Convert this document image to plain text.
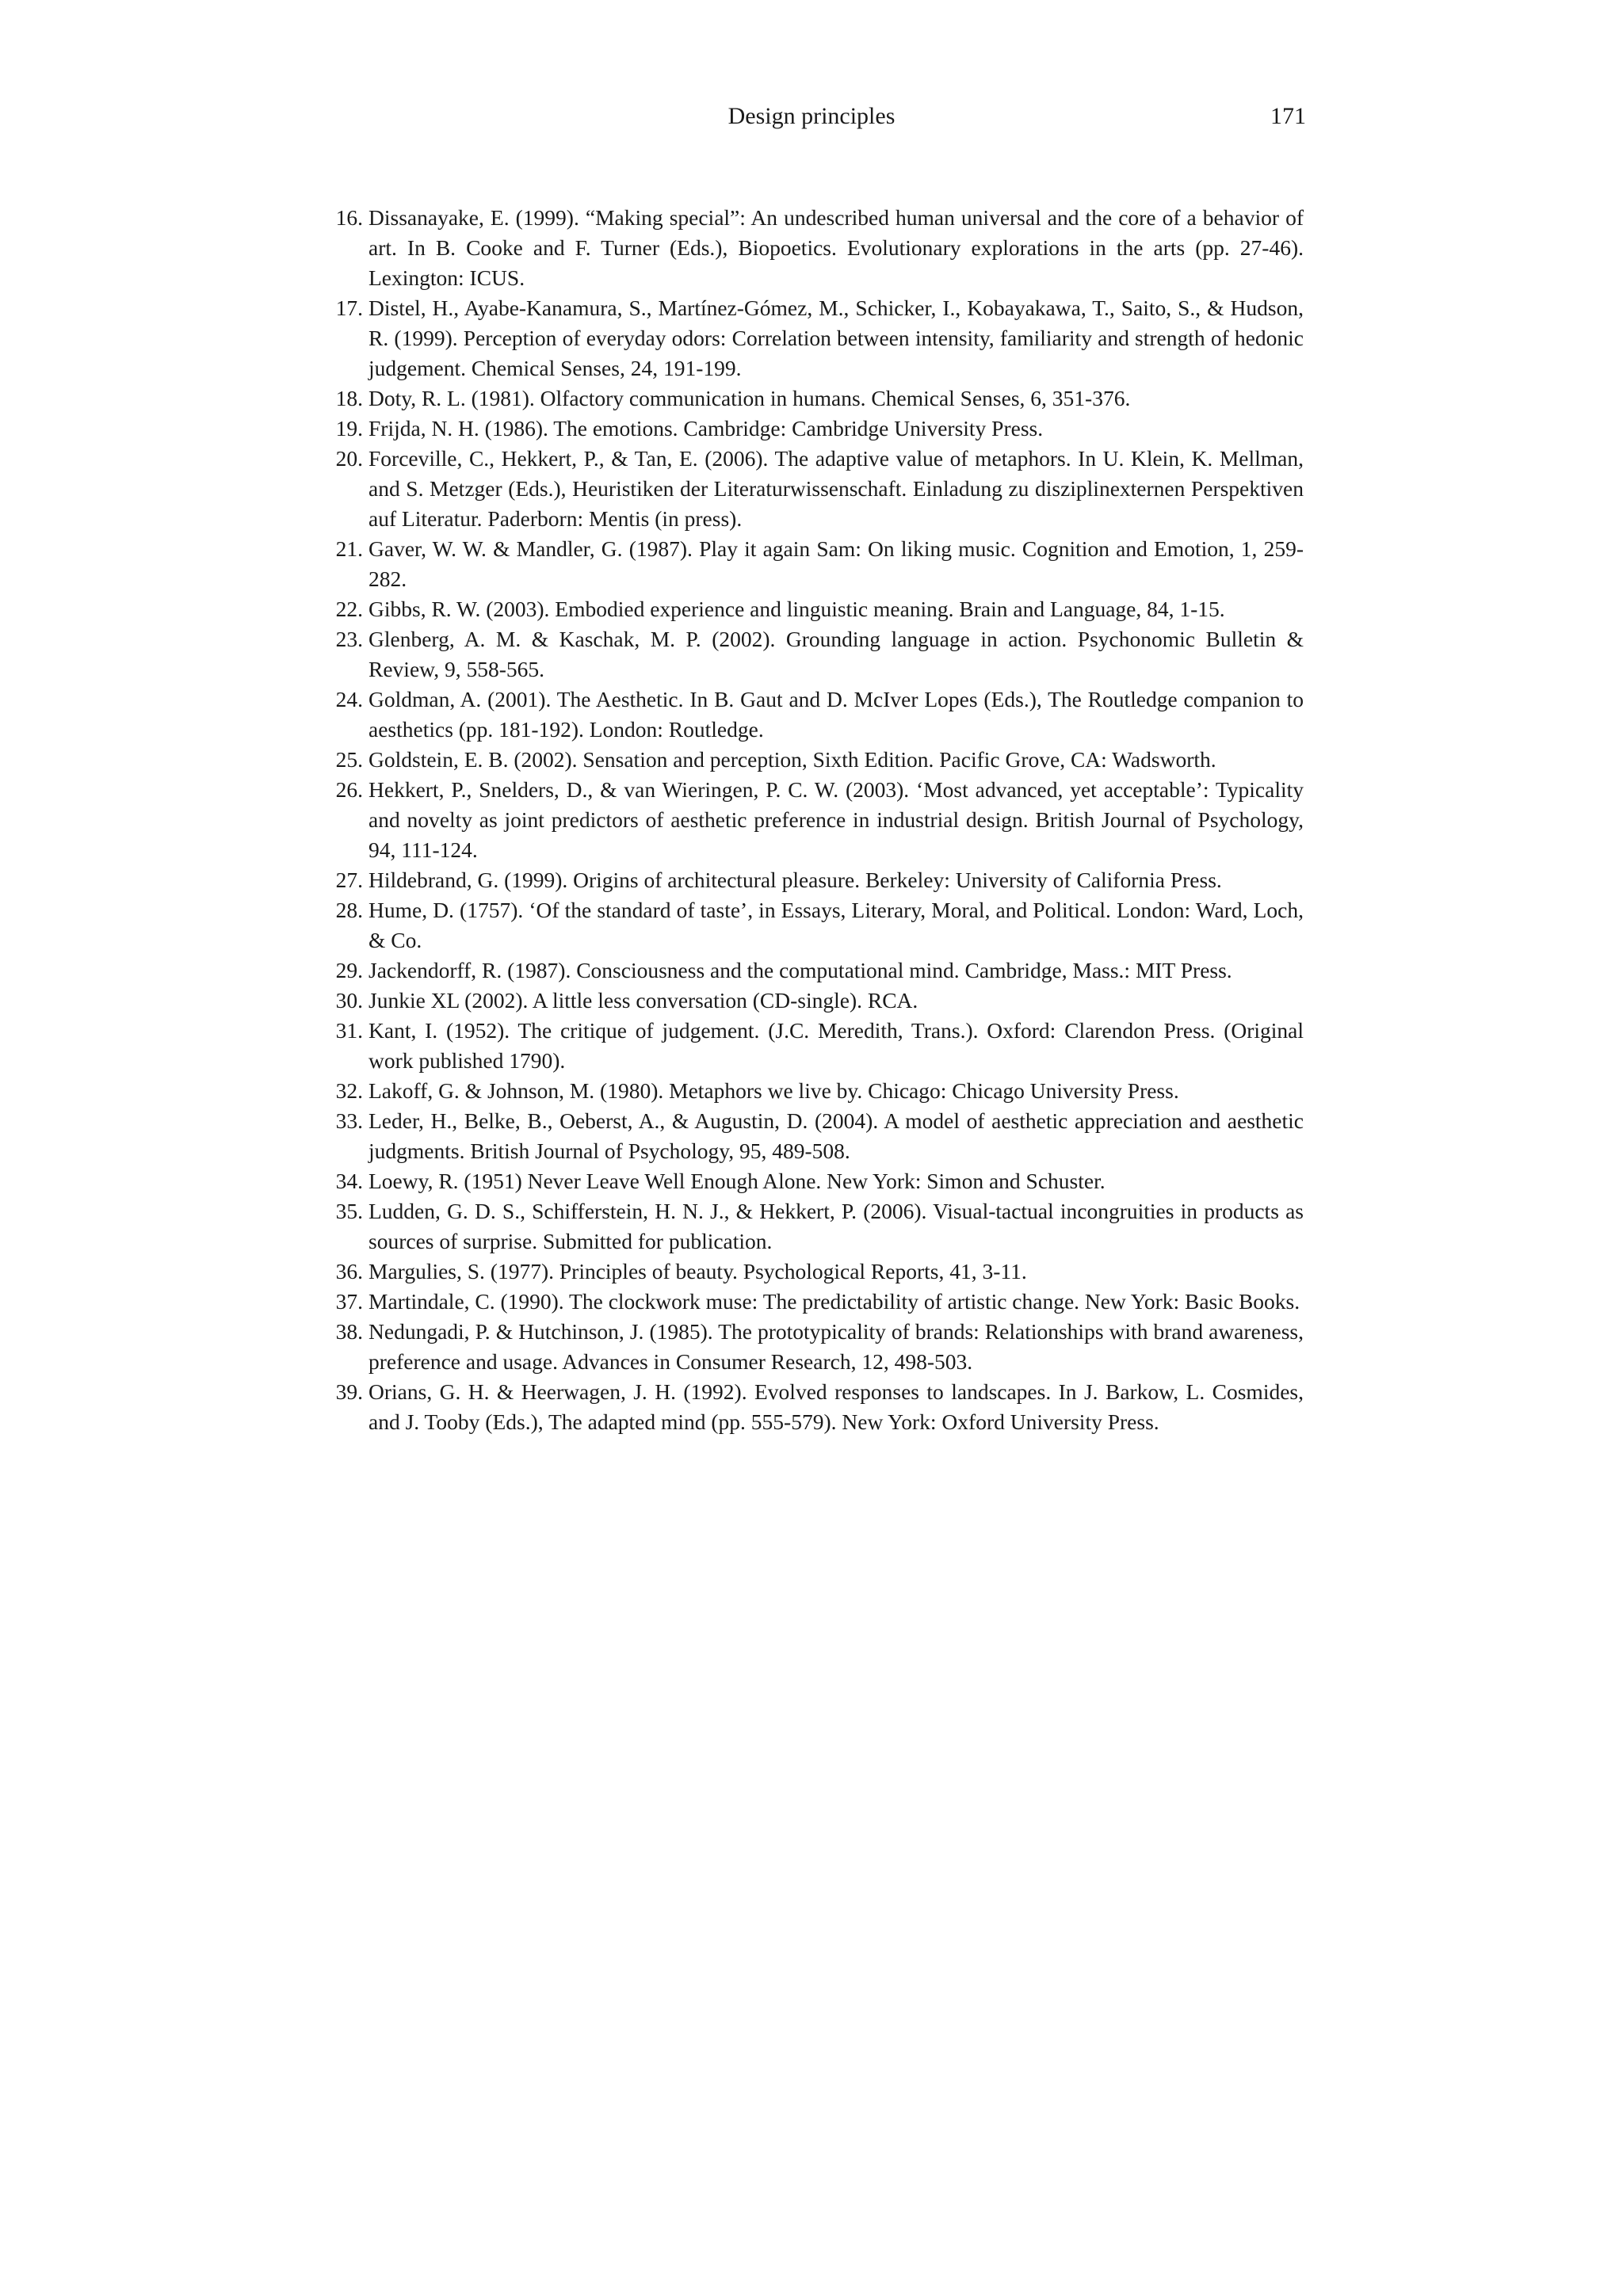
Design principles	171
16. Dissanayake, E. (1999). “Making special”: An undescribed human universal and the core of a behavior of art. In B. Cooke and F. Turner (Eds.), Biopoetics. Evolutionary explorations in the arts (pp. 27-46). Lexington: ICUS.
17. Distel, H., Ayabe-Kanamura, S., Martínez-Gómez, M., Schicker, I., Kobayakawa, T., Saito, S., & Hudson, R. (1999). Perception of everyday odors: Correlation between intensity, familiarity and strength of hedonic judgement. Chemical Senses, 24, 191-199.
18. Doty, R. L. (1981). Olfactory communication in humans. Chemical Senses, 6, 351-376.
19. Frijda, N. H. (1986). The emotions. Cambridge: Cambridge University Press.
20. Forceville, C., Hekkert, P., & Tan, E. (2006). The adaptive value of metaphors. In U. Klein, K. Mellman, and S. Metzger (Eds.), Heuristiken der Literaturwissenschaft. Einladung zu disziplinexternen Perspektiven auf Literatur. Paderborn: Mentis (in press).
21. Gaver, W. W. & Mandler, G. (1987). Play it again Sam: On liking music. Cognition and Emotion, 1, 259-282.
22. Gibbs, R. W. (2003). Embodied experience and linguistic meaning. Brain and Language, 84, 1-15.
23. Glenberg, A. M. & Kaschak, M. P. (2002). Grounding language in action. Psychonomic Bulletin & Review, 9, 558-565.
24. Goldman, A. (2001). The Aesthetic. In B. Gaut and D. McIver Lopes (Eds.), The Routledge companion to aesthetics (pp. 181-192). London: Routledge.
25. Goldstein, E. B. (2002). Sensation and perception, Sixth Edition. Pacific Grove, CA: Wadsworth.
26. Hekkert, P., Snelders, D., & van Wieringen, P. C. W. (2003). ‘Most advanced, yet acceptable’: Typicality and novelty as joint predictors of aesthetic preference in industrial design. British Journal of Psychology, 94, 111-124.
27. Hildebrand, G. (1999). Origins of architectural pleasure. Berkeley: University of California Press.
28. Hume, D. (1757). ‘Of the standard of taste’, in Essays, Literary, Moral, and Political. London: Ward, Loch, & Co.
29. Jackendorff, R. (1987). Consciousness and the computational mind. Cambridge, Mass.: MIT Press.
30. Junkie XL (2002). A little less conversation (CD-single). RCA.
31. Kant, I. (1952). The critique of judgement. (J.C. Meredith, Trans.). Oxford: Clarendon Press. (Original work published 1790).
32. Lakoff, G. & Johnson, M. (1980). Metaphors we live by. Chicago: Chicago University Press.
33. Leder, H., Belke, B., Oeberst, A., & Augustin, D. (2004). A model of aesthetic appreciation and aesthetic judgments. British Journal of Psychology, 95, 489-508.
34. Loewy, R. (1951) Never Leave Well Enough Alone. New York: Simon and Schuster.
35. Ludden, G. D. S., Schifferstein, H. N. J., & Hekkert, P. (2006). Visual-tactual incongruities in products as sources of surprise. Submitted for publication.
36. Margulies, S. (1977). Principles of beauty. Psychological Reports, 41, 3-11.
37. Martindale, C. (1990). The clockwork muse: The predictability of artistic change. New York: Basic Books.
38. Nedungadi, P. & Hutchinson, J. (1985). The prototypicality of brands: Relationships with brand awareness, preference and usage. Advances in Consumer Research, 12, 498-503.
39. Orians, G. H. & Heerwagen, J. H. (1992). Evolved responses to landscapes. In J. Barkow, L. Cosmides, and J. Tooby (Eds.), The adapted mind (pp. 555-579). New York: Oxford University Press.
